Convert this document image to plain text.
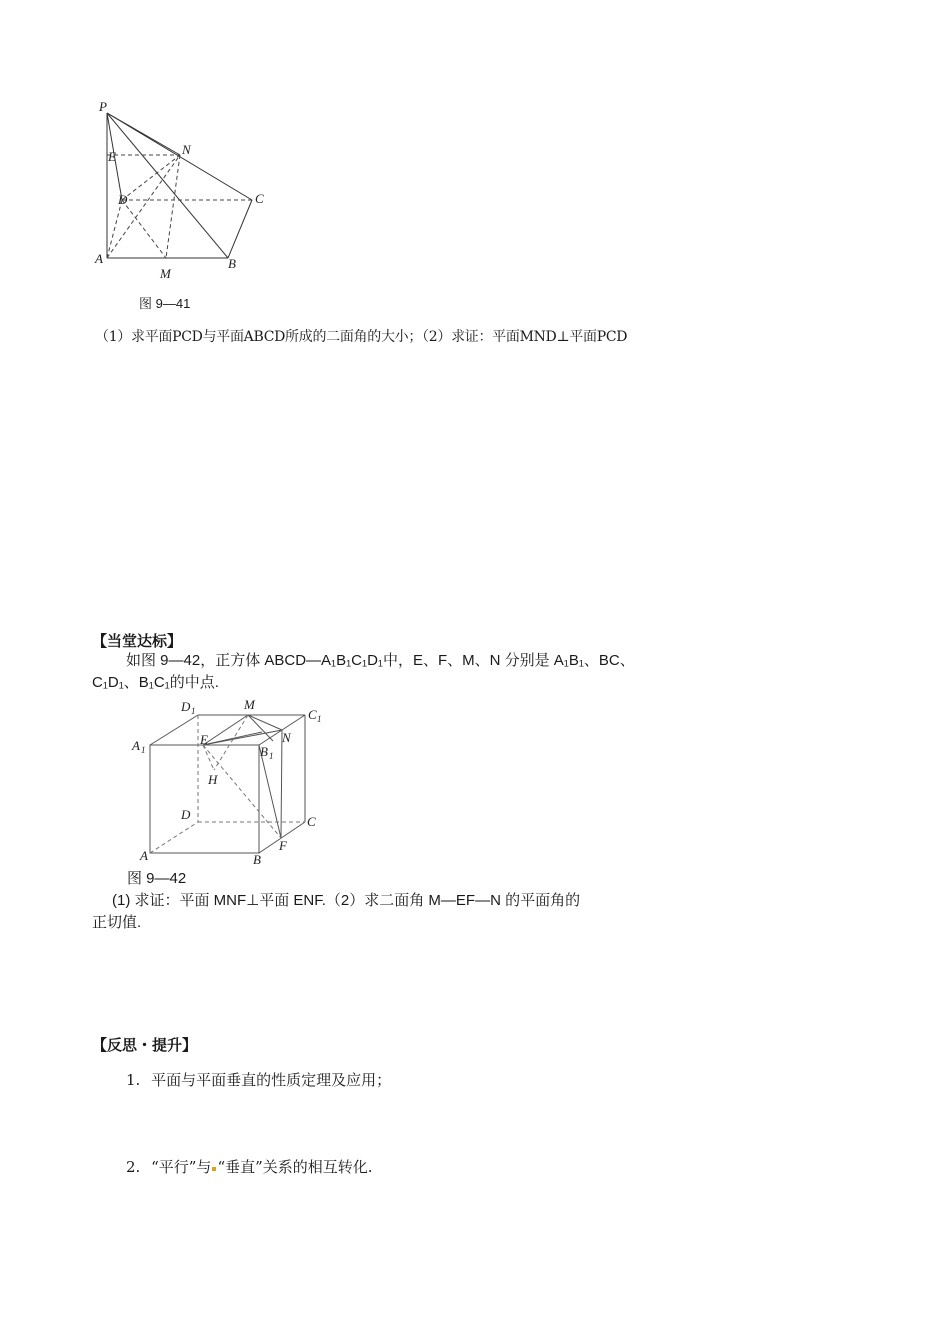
P
E	N
D	C
A
M
B
图 9—41
（1）求平面PCD与平面ABCD所成的二面角的大小；（2）求证：平面MND⊥平面PCD
【当堂达标】
如图 9—42，正方体 ABCD—A₁B₁C₁D₁中，E、F、M、N 分别是 A₁B₁、BC、
C₁D₁、B₁C₁的中点.
D 1	M
C 1
A 1
E	N
B 1
H
D	C
A	B
F
图 9—42
(1) 求证：平面 MNF⊥平面 ENF.（2）求二面角 M—EF—N 的平面角的
正切值.
【反思・提升】
1. 平面与平面垂直的性质定理及应用；
2. “平行”与 “垂直”关系的相互转化.
